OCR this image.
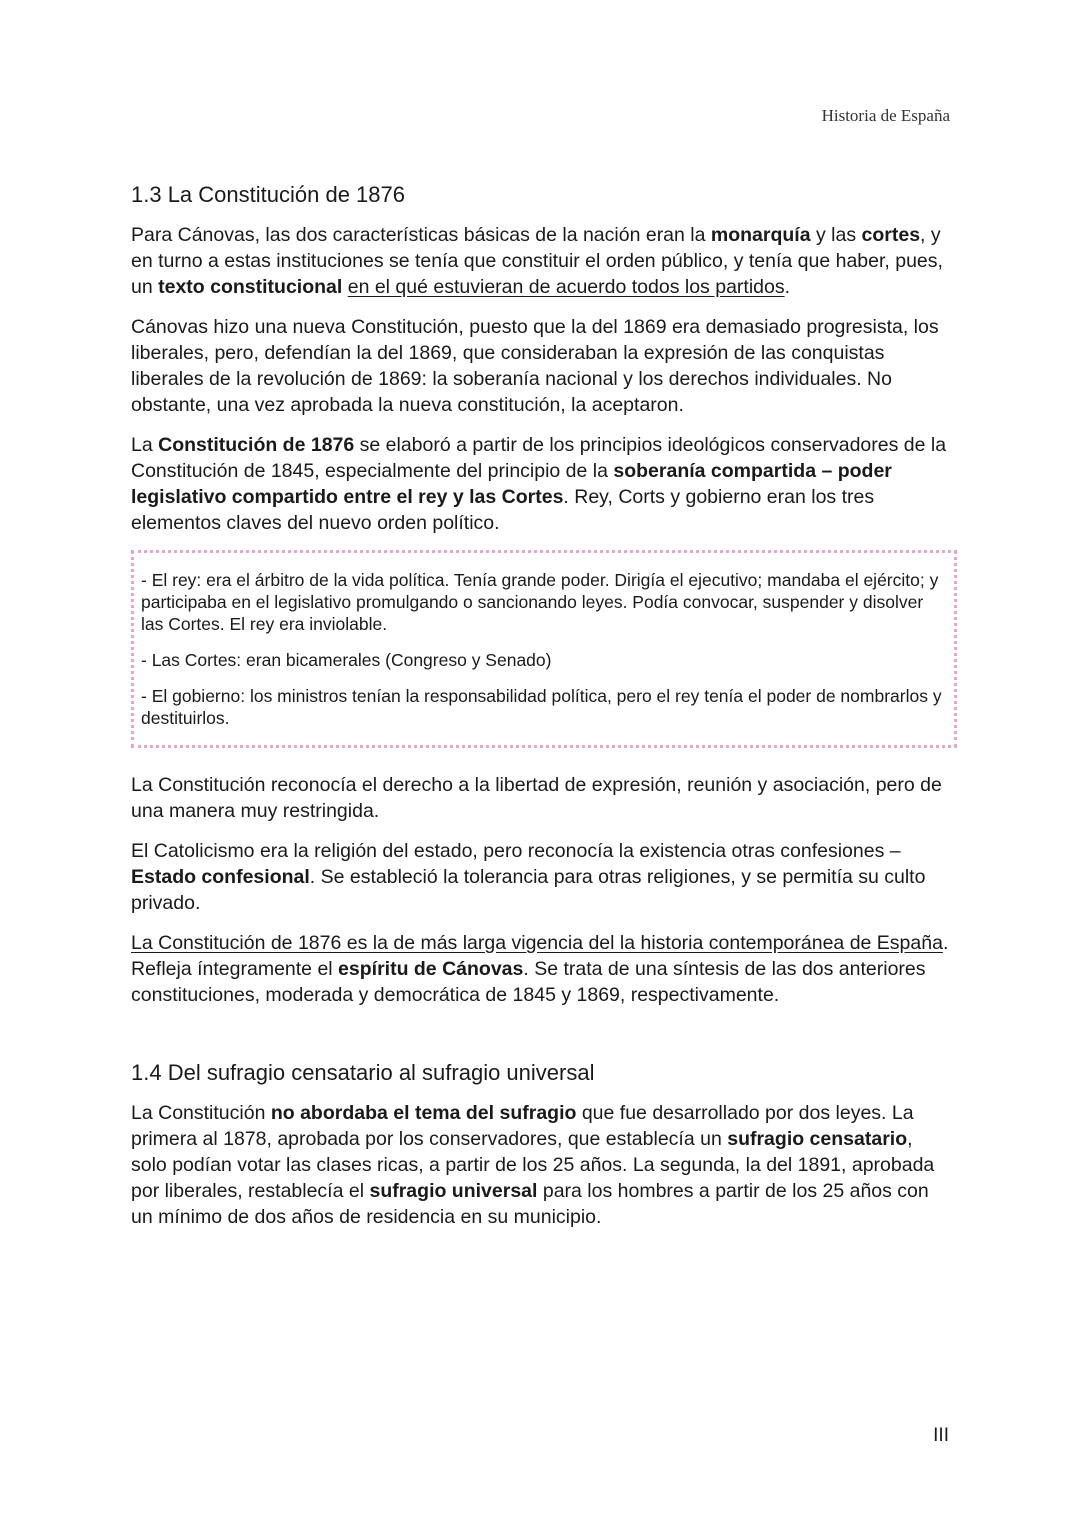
Historia de España
1.3 La Constitución de 1876

Para Cánovas, las dos características básicas de la nación eran la monarquía y las cortes, y en turno a estas instituciones se tenía que constituir el orden público, y tenía que haber, pues, un texto constitucional en el qué estuvieran de acuerdo todos los partidos.

Cánovas hizo una nueva Constitución, puesto que la del 1869 era demasiado progresista, los liberales, pero, defendían la del 1869, que consideraban la expresión de las conquistas liberales de la revolución de 1869: la soberanía nacional y los derechos individuales. No obstante, una vez aprobada la nueva constitución, la aceptaron.

La Constitución de 1876 se elaboró a partir de los principios ideológicos conservadores de la Constitución de 1845, especialmente del principio de la soberanía compartida – poder legislativo compartido entre el rey y las Cortes. Rey, Corts y gobierno eran los tres elementos claves del nuevo orden político.

- El rey: era el árbitro de la vida política. Tenía grande poder. Dirigía el ejecutivo; mandaba el ejército; y participaba en el legislativo promulgando o sancionando leyes. Podía convocar, suspender y disolver las Cortes. El rey era inviolable.

- Las Cortes: eran bicamerales (Congreso y Senado)

- El gobierno: los ministros tenían la responsabilidad política, pero el rey tenía el poder de nombrarlos y destituirlos.

La Constitución reconocía el derecho a la libertad de expresión, reunión y asociación, pero de una manera muy restringida.

El Catolicismo era la religión del estado, pero reconocía la existencia otras confesiones – Estado confesional. Se estableció la tolerancia para otras religiones, y se permitía su culto privado.

La Constitución de 1876 es la de más larga vigencia del la historia contemporánea de España. Refleja íntegramente el espíritu de Cánovas. Se trata de una síntesis de las dos anteriores constituciones, moderada y democrática de 1845 y 1869, respectivamente.

1.4 Del sufragio censatario al sufragio universal

La Constitución no abordaba el tema del sufragio que fue desarrollado por dos leyes. La primera al 1878, aprobada por los conservadores, que establecía un sufragio censatario, solo podían votar las clases ricas, a partir de los 25 años. La segunda, la del 1891, aprobada por liberales, restablecía el sufragio universal para los hombres a partir de los 25 años con un mínimo de dos años de residencia en su municipio.

III
